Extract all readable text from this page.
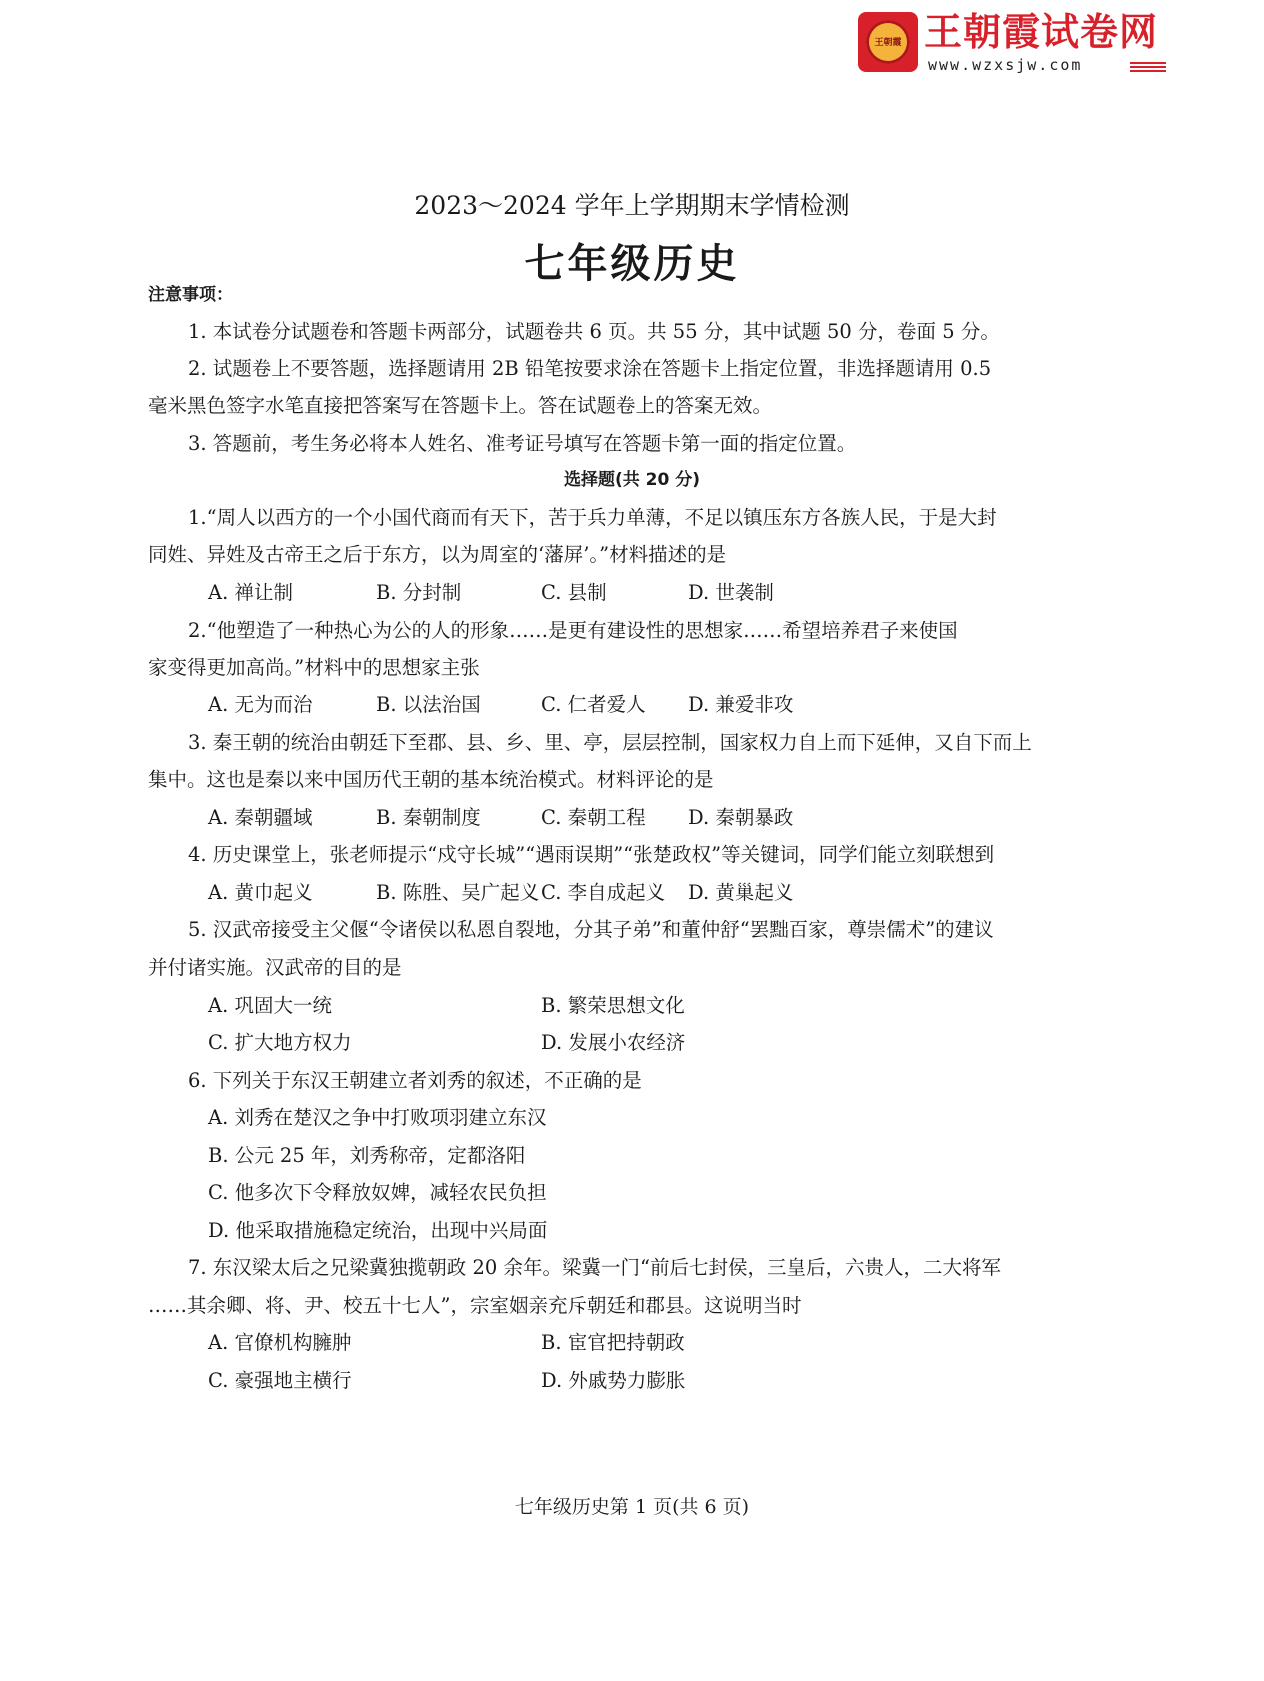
王朝霞 王朝霞试卷网
www.wzxsjw.com
2023～2024 学年上学期期末学情检测
七年级历史
注意事项：
1. 本试卷分试题卷和答题卡两部分，试题卷共 6 页。共 55 分，其中试题 50 分，卷面 5 分。
2. 试题卷上不要答题，选择题请用 2B 铅笔按要求涂在答题卡上指定位置，非选择题请用 0.5
毫米黑色签字水笔直接把答案写在答题卡上。答在试题卷上的答案无效。
3. 答题前，考生务必将本人姓名、准考证号填写在答题卡第一面的指定位置。
选择题(共 20 分)
1.“周人以西方的一个小国代商而有天下，苦于兵力单薄，不足以镇压东方各族人民，于是大封
同姓、异姓及古帝王之后于东方，以为周室的‘藩屏’。”材料描述的是
A. 禅让制	B. 分封制	C. 县制	D. 世袭制
2.“他塑造了一种热心为公的人的形象……是更有建设性的思想家……希望培养君子来使国
家变得更加高尚。”材料中的思想家主张
A. 无为而治	B. 以法治国	C. 仁者爱人 D. 兼爱非攻
3. 秦王朝的统治由朝廷下至郡、县、乡、里、亭，层层控制，国家权力自上而下延伸，又自下而上
集中。这也是秦以来中国历代王朝的基本统治模式。材料评论的是
A. 秦朝疆域	B. 秦朝制度	C. 秦朝工程 D. 秦朝暴政
4. 历史课堂上，张老师提示“戍守长城”“遇雨误期”“张楚政权”等关键词，同学们能立刻联想到
A. 黄巾起义	B. 陈胜、吴广起义 C. 李自成起义 D. 黄巢起义
5. 汉武帝接受主父偃“令诸侯以私恩自裂地，分其子弟”和董仲舒“罢黜百家，尊崇儒术”的建议
并付诸实施。汉武帝的目的是
A. 巩固大一统	B. 繁荣思想文化
C. 扩大地方权力	D. 发展小农经济
6. 下列关于东汉王朝建立者刘秀的叙述，不正确的是
A. 刘秀在楚汉之争中打败项羽建立东汉
B. 公元 25 年，刘秀称帝，定都洛阳
C. 他多次下令释放奴婢，减轻农民负担
D. 他采取措施稳定统治，出现中兴局面
7. 东汉梁太后之兄梁冀独揽朝政 20 余年。梁冀一门“前后七封侯，三皇后，六贵人，二大将军
……其余卿、将、尹、校五十七人”，宗室姻亲充斥朝廷和郡县。这说明当时
A. 官僚机构臃肿	B. 宦官把持朝政
C. 豪强地主横行	D. 外戚势力膨胀
七年级历史第 1 页(共 6 页)
